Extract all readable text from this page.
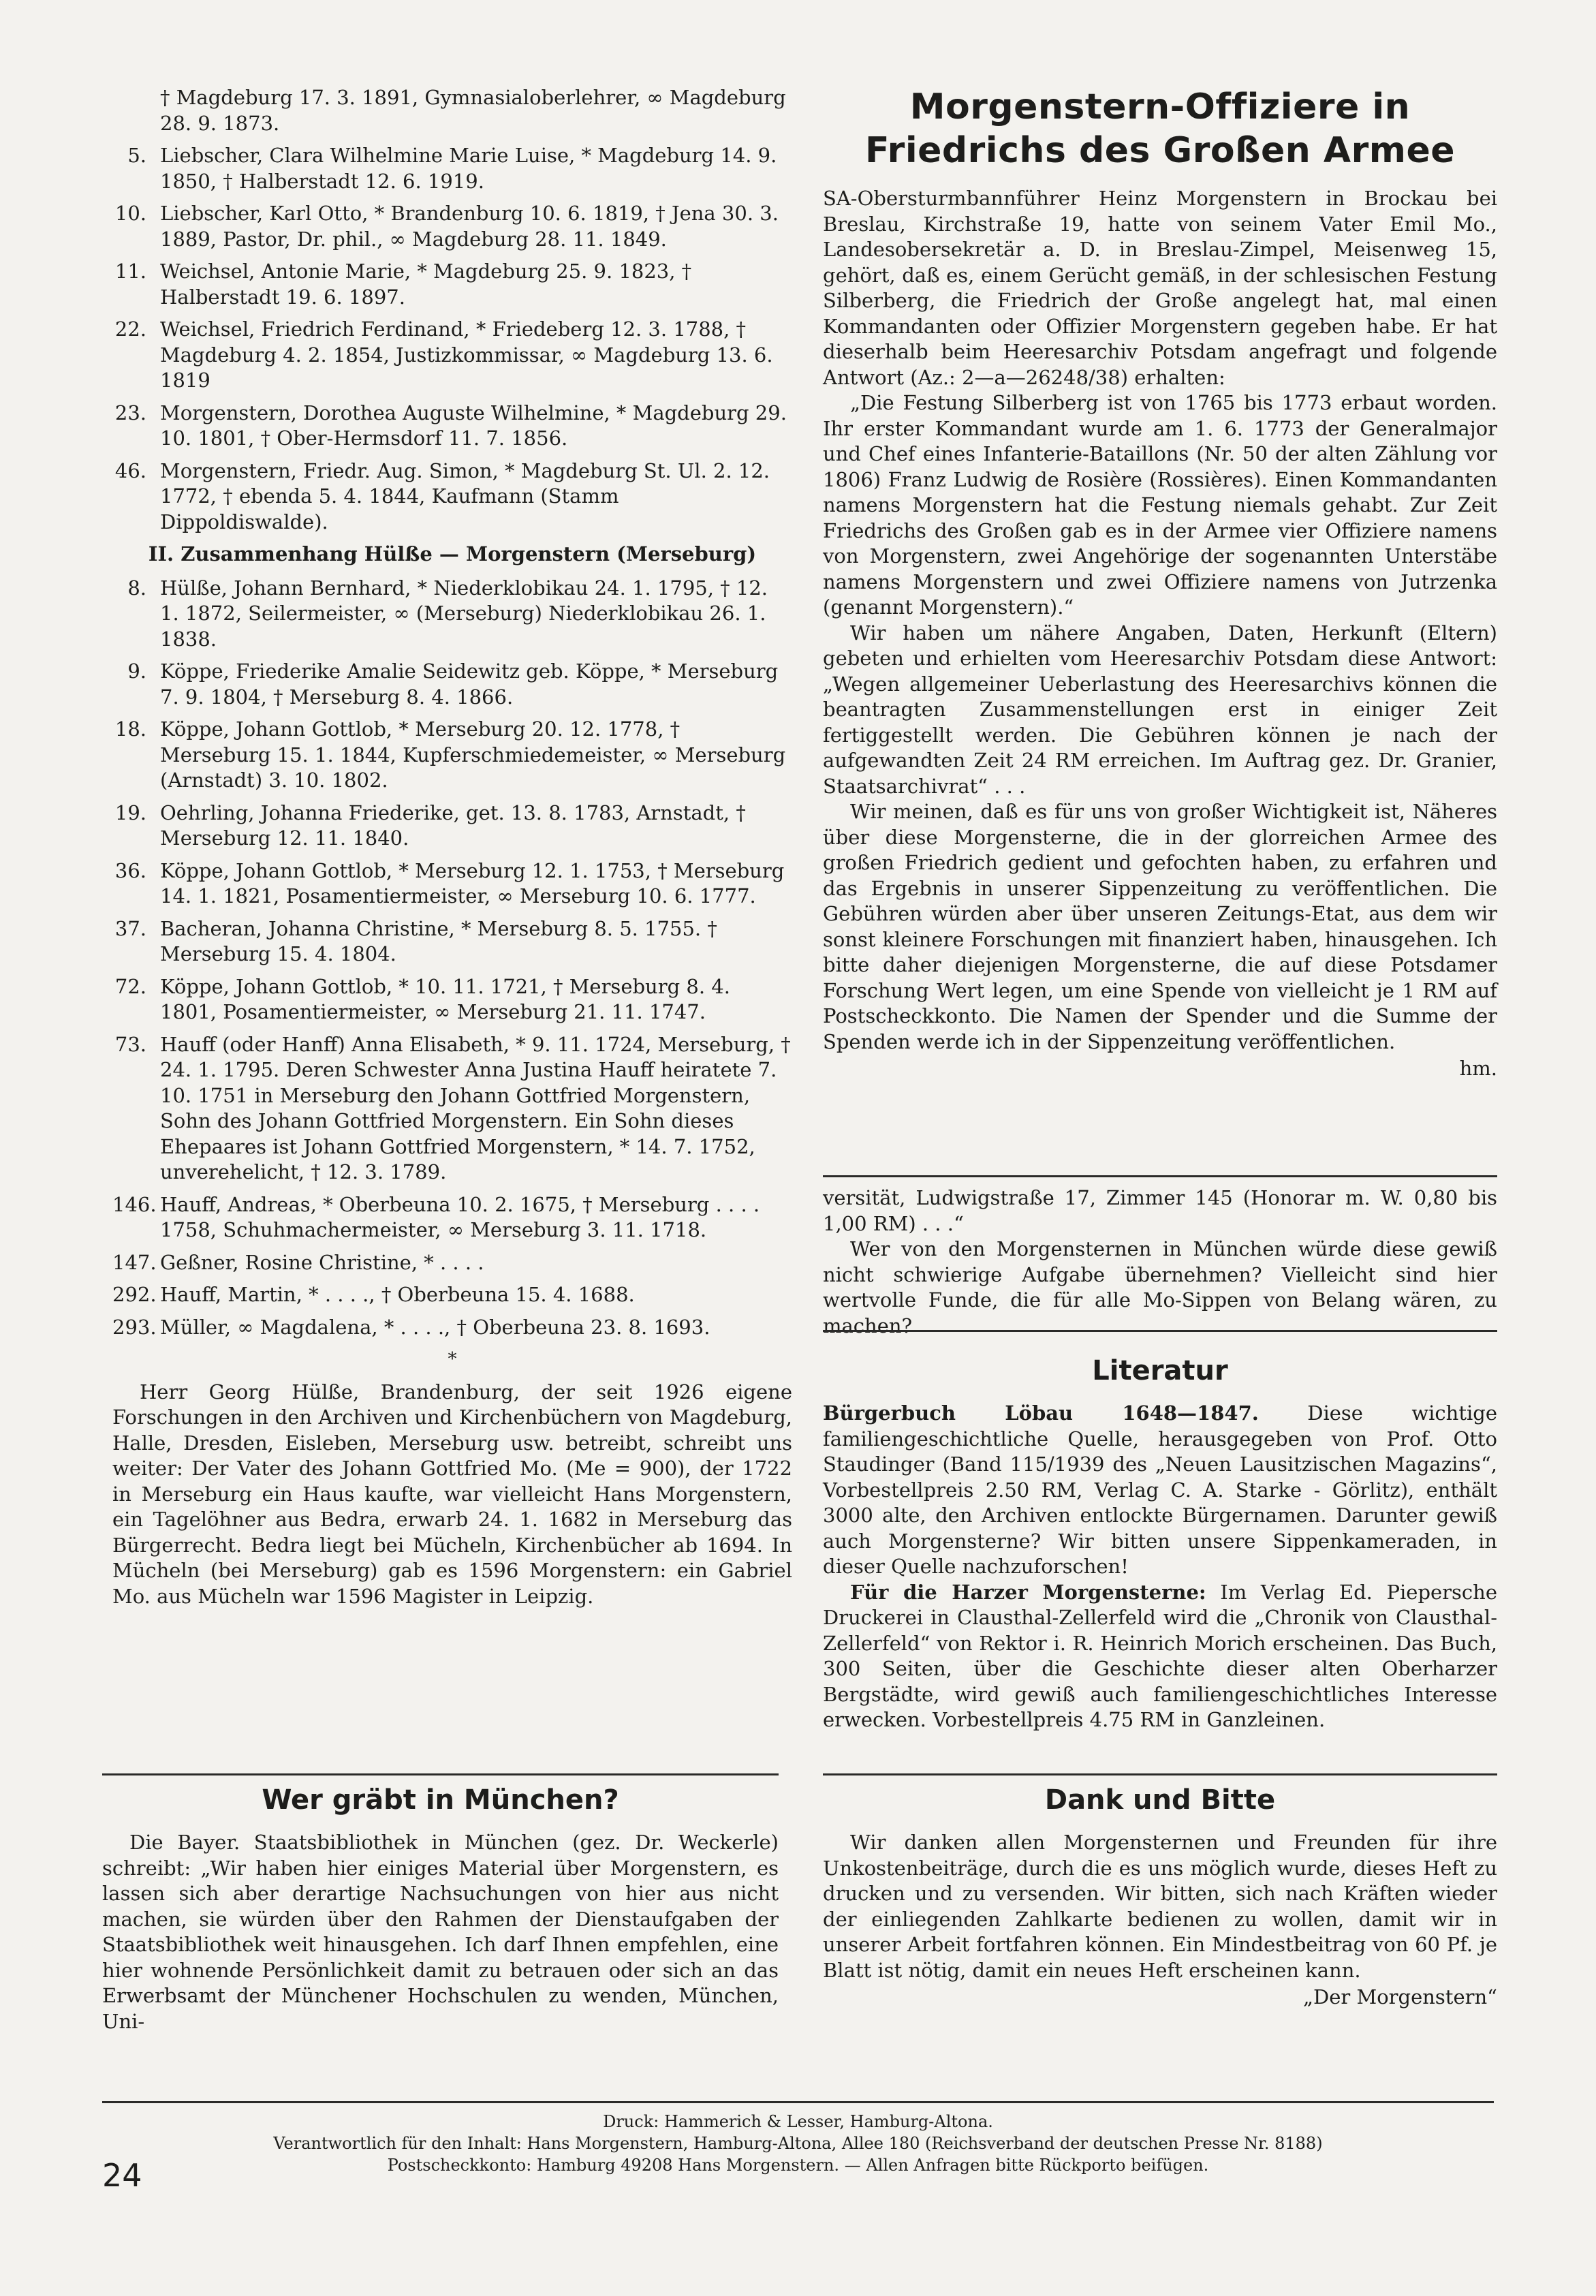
† Magdeburg 17. 3. 1891, Gymnasialoberlehrer, ∞ Magdeburg 28. 9. 1873.
5. Liebscher, Clara Wilhelmine Marie Luise, * Magdeburg 14. 9. 1850, † Halberstadt 12. 6. 1919.
10. Liebscher, Karl Otto, * Brandenburg 10. 6. 1819, † Jena 30. 3. 1889, Pastor, Dr. phil., ∞ Magdeburg 28. 11. 1849.
11. Weichsel, Antonie Marie, * Magdeburg 25. 9. 1823, † Halberstadt 19. 6. 1897.
22. Weichsel, Friedrich Ferdinand, * Friedeberg 12. 3. 1788, † Magdeburg 4. 2. 1854, Justizkommissar, ∞ Magdeburg 13. 6. 1819
23. Morgenstern, Dorothea Auguste Wilhelmine, * Magdeburg 29. 10. 1801, † Ober-Hermsdorf 11. 7. 1856.
46. Morgenstern, Friedr. Aug. Simon, * Magdeburg St. Ul. 2. 12. 1772, † ebenda 5. 4. 1844, Kaufmann (Stamm Dippoldiswalde).
II. Zusammenhang Hülße — Morgenstern (Merseburg)
8. Hülße, Johann Bernhard, * Niederklobikau 24. 1. 1795, † 12. 1. 1872, Seilermeister, ∞ (Merseburg) Niederklobikau 26. 1. 1838.
9. Köppe, Friederike Amalie Seidewitz geb. Köppe, * Merseburg 7. 9. 1804, † Merseburg 8. 4. 1866.
18. Köppe, Johann Gottlob, * Merseburg 20. 12. 1778, † Merseburg 15. 1. 1844, Kupferschmiedemeister, ∞ Merseburg (Arnstadt) 3. 10. 1802.
19. Oehrling, Johanna Friederike, get. 13. 8. 1783, Arnstadt, † Merseburg 12. 11. 1840.
36. Köppe, Johann Gottlob, * Merseburg 12. 1. 1753, † Merseburg 14. 1. 1821, Posamentiermeister, ∞ Merseburg 10. 6. 1777.
37. Bacheran, Johanna Christine, * Merseburg 8. 5. 1755. † Merseburg 15. 4. 1804.
72. Köppe, Johann Gottlob, * 10. 11. 1721, † Merseburg 8. 4. 1801, Posamentiermeister, ∞ Merseburg 21. 11. 1747.
73. Hauff (oder Hanff) Anna Elisabeth, * 9. 11. 1724, Merseburg, † 24. 1. 1795. Deren Schwester Anna Justina Hauff heiratete 7. 10. 1751 in Merseburg den Johann Gottfried Morgenstern, Sohn des Johann Gottfried Morgenstern. Ein Sohn dieses Ehepaares ist Johann Gottfried Morgenstern, * 14. 7. 1752, unverehelicht, † 12. 3. 1789.
146. Hauff, Andreas, * Oberbeuna 10. 2. 1675, † Merseburg . . . . 1758, Schuhmachermeister, ∞ Merseburg 3. 11. 1718.
147. Geßner, Rosine Christine, * . . . .
292. Hauff, Martin, * . . . ., † Oberbeuna 15. 4. 1688.
293. Müller, ∞ Magdalena, * . . . ., † Oberbeuna 23. 8. 1693.
*

Herr Georg Hülße, Brandenburg, der seit 1926 eigene Forschungen in den Archiven und Kirchenbüchern von Magdeburg, Halle, Dresden, Eisleben, Merseburg usw. betreibt, schreibt uns weiter: Der Vater des Johann Gottfried Mo. (Me = 900), der 1722 in Merseburg ein Haus kaufte, war vielleicht Hans Morgenstern, ein Tagelöhner aus Bedra, erwarb 24. 1. 1682 in Merseburg das Bürgerrecht. Bedra liegt bei Mücheln, Kirchenbücher ab 1694. In Mücheln (bei Merseburg) gab es 1596 Morgenstern: ein Gabriel Mo. aus Mücheln war 1596 Magister in Leipzig.

Morgenstern-Offiziere in Friedrichs des Großen Armee

SA-Obersturmbannführer Heinz Morgenstern in Brockau bei Breslau, Kirchstraße 19, hatte von seinem Vater Emil Mo., Landesobersekretär a. D. in Breslau-Zimpel, Meisenweg 15, gehört, daß es, einem Gerücht gemäß, in der schlesischen Festung Silberberg, die Friedrich der Große angelegt hat, mal einen Kommandanten oder Offizier Morgenstern gegeben habe. Er hat dieserhalb beim Heeresarchiv Potsdam angefragt und folgende Antwort (Az.: 2—a—26248/38) erhalten:

„Die Festung Silberberg ist von 1765 bis 1773 erbaut worden. Ihr erster Kommandant wurde am 1. 6. 1773 der Generalmajor und Chef eines Infanterie-Bataillons (Nr. 50 der alten Zählung vor 1806) Franz Ludwig de Rosière (Rossières). Einen Kommandanten namens Morgenstern hat die Festung niemals gehabt. Zur Zeit Friedrichs des Großen gab es in der Armee vier Offiziere namens von Morgenstern, zwei Angehörige der sogenannten Unterstäbe namens Morgenstern und zwei Offiziere namens von Jutrzenka (genannt Morgenstern).“

Wir haben um nähere Angaben, Daten, Herkunft (Eltern) gebeten und erhielten vom Heeresarchiv Potsdam diese Antwort: „Wegen allgemeiner Ueberlastung des Heeresarchivs können die beantragten Zusammenstellungen erst in einiger Zeit fertiggestellt werden. Die Gebühren können je nach der aufgewandten Zeit 24 RM erreichen. Im Auftrag gez. Dr. Granier, Staatsarchivrat“ . . .

Wir meinen, daß es für uns von großer Wichtigkeit ist, Näheres über diese Morgensterne, die in der glorreichen Armee des großen Friedrich gedient und gefochten haben, zu erfahren und das Ergebnis in unserer Sippenzeitung zu veröffentlichen. Die Gebühren würden aber über unseren Zeitungs-Etat, aus dem wir sonst kleinere Forschungen mit finanziert haben, hinausgehen. Ich bitte daher diejenigen Morgensterne, die auf diese Potsdamer Forschung Wert legen, um eine Spende von vielleicht je 1 RM auf Postscheckkonto. Die Namen der Spender und die Summe der Spenden werde ich in der Sippenzeitung veröffentlichen.

hm.

versität, Ludwigstraße 17, Zimmer 145 (Honorar m. W. 0,80 bis 1,00 RM) . . .“

Wer von den Morgensternen in München würde diese gewiß nicht schwierige Aufgabe übernehmen? Vielleicht sind hier wertvolle Funde, die für alle Mo-Sippen von Belang wären, zu machen?

Literatur

Bürgerbuch Löbau 1648—1847. Diese wichtige familiengeschichtliche Quelle, herausgegeben von Prof. Otto Staudinger (Band 115/1939 des „Neuen Lausitzischen Magazins“, Vorbestellpreis 2.50 RM, Verlag C. A. Starke - Görlitz), enthält 3000 alte, den Archiven entlockte Bürgernamen. Darunter gewiß auch Morgensterne? Wir bitten unsere Sippenkameraden, in dieser Quelle nachzuforschen!

Für die Harzer Morgensterne: Im Verlag Ed. Piepersche Druckerei in Clausthal-Zellerfeld wird die „Chronik von Clausthal-Zellerfeld“ von Rektor i. R. Heinrich Morich erscheinen. Das Buch, 300 Seiten, über die Geschichte dieser alten Oberharzer Bergstädte, wird gewiß auch familiengeschichtliches Interesse erwecken. Vorbestellpreis 4.75 RM in Ganzleinen.

Wer gräbt in München?

Die Bayer. Staatsbibliothek in München (gez. Dr. Weckerle) schreibt: „Wir haben hier einiges Material über Morgenstern, es lassen sich aber derartige Nachsuchungen von hier aus nicht machen, sie würden über den Rahmen der Dienstaufgaben der Staatsbibliothek weit hinausgehen. Ich darf Ihnen empfehlen, eine hier wohnende Persönlichkeit damit zu betrauen oder sich an das Erwerbsamt der Münchener Hochschulen zu wenden, München, Uni-

Dank und Bitte

Wir danken allen Morgensternen und Freunden für ihre Unkostenbeiträge, durch die es uns möglich wurde, dieses Heft zu drucken und zu versenden. Wir bitten, sich nach Kräften wieder der einliegenden Zahlkarte bedienen zu wollen, damit wir in unserer Arbeit fortfahren können. Ein Mindestbeitrag von 60 Pf. je Blatt ist nötig, damit ein neues Heft erscheinen kann.

„Der Morgenstern“
Druck: Hammerich & Lesser, Hamburg-Altona.
Verantwortlich für den Inhalt: Hans Morgenstern, Hamburg-Altona, Allee 180 (Reichsverband der deutschen Presse Nr. 8188)
Postscheckkonto: Hamburg 49208 Hans Morgenstern. — Allen Anfragen bitte Rückporto beifügen.
24
